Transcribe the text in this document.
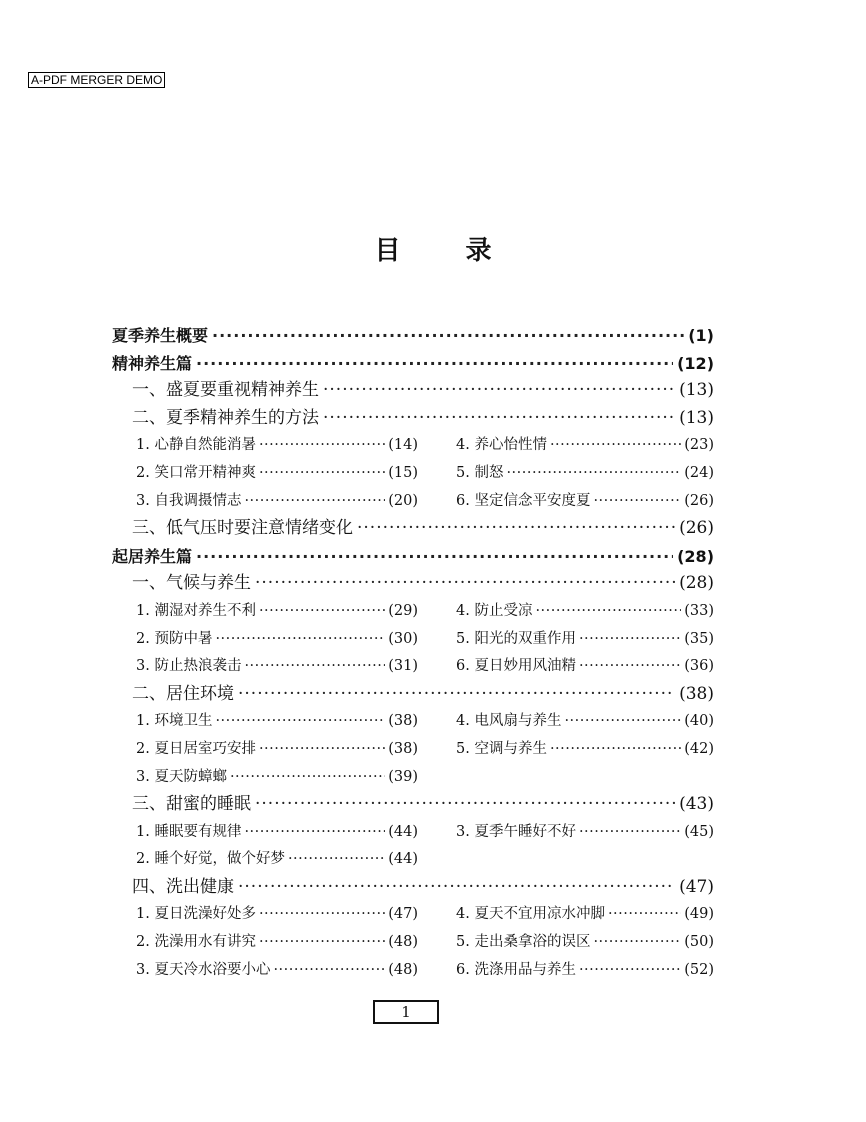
A-PDF MERGER DEMO
目 录
夏季养生概要 ·····	(1)
精神养生篇 ·····	(12)
一、盛夏要重视精神养生 ·····	(13)
二、夏季精神养生的方法 ·····	(13)
1. 心静自然能消暑 ·····	(14)	4. 养心怡性情 ·····	(23)
2. 笑口常开精神爽 ·····	(15)	5. 制怒 ·····	(24)
3. 自我调摄情志 ·····	(20)	6. 坚定信念平安度夏 ·····	(26)
三、低气压时要注意情绪变化 ·····	(26)
起居养生篇 ·····	(28)
一、气候与养生 ·····	(28)
1. 潮湿对养生不利 ·····	(29)	4. 防止受凉 ·····	(33)
2. 预防中暑 ·····	(30)	5. 阳光的双重作用 ·····	(35)
3. 防止热浪袭击 ·····	(31)	6. 夏日妙用风油精 ·····	(36)
二、居住环境 ·····	(38)
1. 环境卫生 ·····	(38)	4. 电风扇与养生 ·····	(40)
2. 夏日居室巧安排 ·····	(38)	5. 空调与养生 ·····	(42)
3. 夏天防蟑螂 ·····	(39)
三、甜蜜的睡眠 ·····	(43)
1. 睡眠要有规律 ·····	(44)	3. 夏季午睡好不好 ·····	(45)
2. 睡个好觉，做个好梦 ·····	(44)
四、洗出健康 ·····	(47)
1. 夏日洗澡好处多 ·····	(47)	4. 夏天不宜用凉水冲脚 ·····	(49)
2. 洗澡用水有讲究 ·····	(48)	5. 走出桑拿浴的误区 ·····	(50)
3. 夏天冷水浴要小心 ·····	(48)	6. 洗涤用品与养生 ·····	(52)
1
